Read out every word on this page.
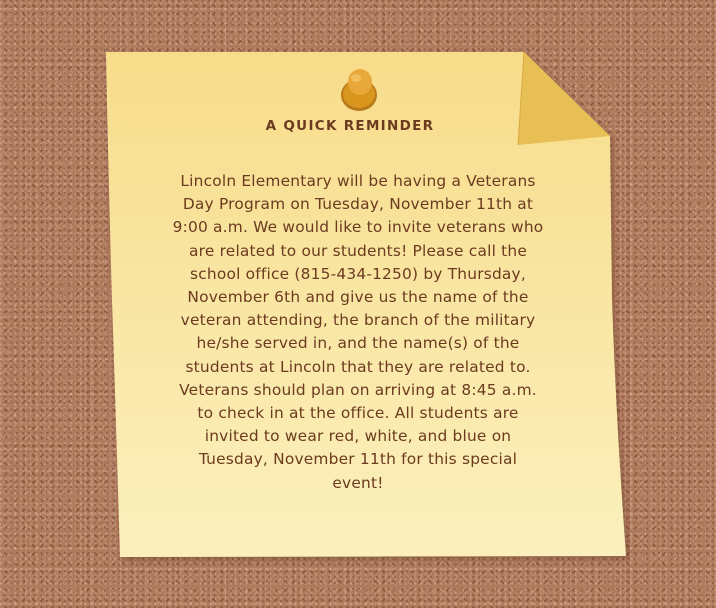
A QUICK REMINDER
Lincoln Elementary will be having a Veterans Day Program on Tuesday, November 11th at 9:00 a.m. We would like to invite veterans who are related to our students! Please call the school office (815-434-1250) by Thursday, November 6th and give us the name of the veteran attending, the branch of the military he/she served in, and the name(s) of the students at Lincoln that they are related to. Veterans should plan on arriving at 8:45 a.m. to check in at the office. All students are invited to wear red, white, and blue on Tuesday, November 11th for this special event!
